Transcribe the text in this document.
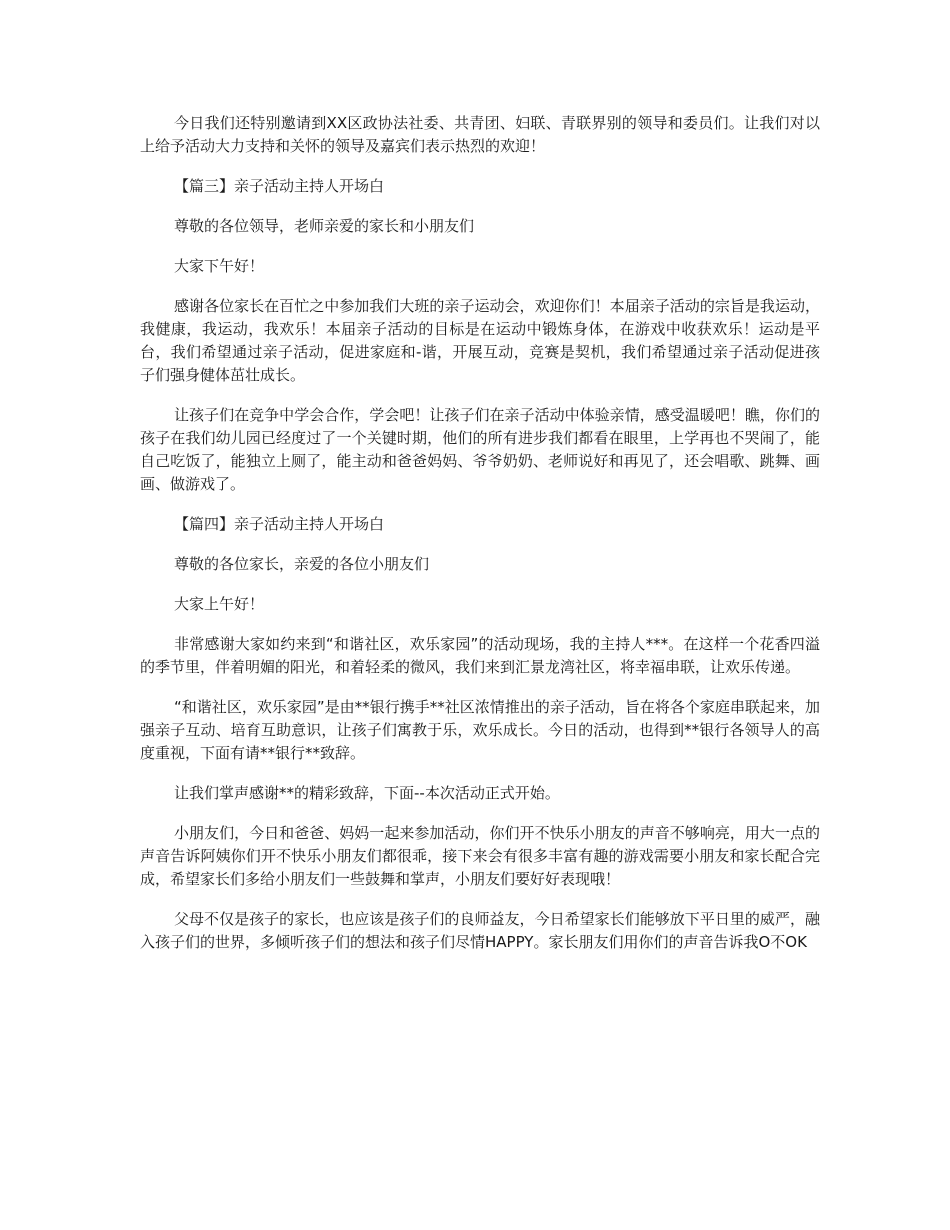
今日我们还特别邀请到XX区政协法社委、共青团、妇联、青联界别的领导和委员们。让我们对以上给予活动大力支持和关怀的领导及嘉宾们表示热烈的欢迎！

【篇三】亲子活动主持人开场白

尊敬的各位领导，老师亲爱的家长和小朋友们

大家下午好！

感谢各位家长在百忙之中参加我们大班的亲子运动会，欢迎你们！本届亲子活动的宗旨是我运动，我健康，我运动，我欢乐！本届亲子活动的目标是在运动中锻炼身体，在游戏中收获欢乐！运动是平台，我们希望通过亲子活动，促进家庭和-谐，开展互动，竞赛是契机，我们希望通过亲子活动促进孩子们强身健体茁壮成长。

让孩子们在竞争中学会合作，学会吧！让孩子们在亲子活动中体验亲情，感受温暖吧！瞧，你们的孩子在我们幼儿园已经度过了一个关键时期，他们的所有进步我们都看在眼里，上学再也不哭闹了，能自己吃饭了，能独立上厕了，能主动和爸爸妈妈、爷爷奶奶、老师说好和再见了，还会唱歌、跳舞、画画、做游戏了。

【篇四】亲子活动主持人开场白

尊敬的各位家长，亲爱的各位小朋友们

大家上午好！

非常感谢大家如约来到“和谐社区，欢乐家园”的活动现场，我的主持人***。在这样一个花香四溢的季节里，伴着明媚的阳光，和着轻柔的微风，我们来到汇景龙湾社区，将幸福串联，让欢乐传递。

“和谐社区，欢乐家园”是由**银行携手**社区浓情推出的亲子活动，旨在将各个家庭串联起来，加强亲子互动、培育互助意识，让孩子们寓教于乐，欢乐成长。今日的活动，也得到**银行各领导人的高度重视，下面有请**银行**致辞。

让我们掌声感谢**的精彩致辞，下面--本次活动正式开始。

小朋友们，今日和爸爸、妈妈一起来参加活动，你们开不快乐小朋友的声音不够响亮，用大一点的声音告诉阿姨你们开不快乐小朋友们都很乖，接下来会有很多丰富有趣的游戏需要小朋友和家长配合完成，希望家长们多给小朋友们一些鼓舞和掌声，小朋友们要好好表现哦！

父母不仅是孩子的家长，也应该是孩子们的良师益友，今日希望家长们能够放下平日里的威严，融入孩子们的世界，多倾听孩子们的想法和孩子们尽情HAPPY。家长朋友们用你们的声音告诉我O不OK
